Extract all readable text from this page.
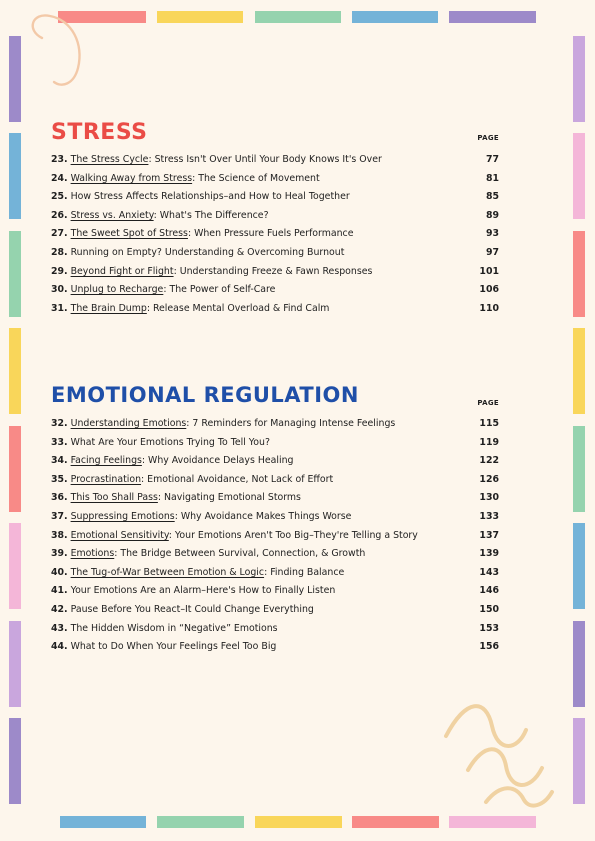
STRESS	PAGE
23. The Stress Cycle: Stress Isn't Over Until Your Body Knows It's Over	77
24. Walking Away from Stress: The Science of Movement	81
25. How Stress Affects Relationships–and How to Heal Together	85
26. Stress vs. Anxiety: What's The Difference?	89
27. The Sweet Spot of Stress: When Pressure Fuels Performance	93
28. Running on Empty? Understanding & Overcoming Burnout	97
29. Beyond Fight or Flight: Understanding Freeze & Fawn Responses	101
30. Unplug to Recharge: The Power of Self-Care	106
31. The Brain Dump: Release Mental Overload & Find Calm	110
EMOTIONAL REGULATION	PAGE
32. Understanding Emotions: 7 Reminders for Managing Intense Feelings	115
33. What Are Your Emotions Trying To Tell You?	119
34. Facing Feelings: Why Avoidance Delays Healing	122
35. Procrastination: Emotional Avoidance, Not Lack of Effort	126
36. This Too Shall Pass: Navigating Emotional Storms	130
37. Suppressing Emotions: Why Avoidance Makes Things Worse	133
38. Emotional Sensitivity: Your Emotions Aren't Too Big–They're Telling a Story	137
39. Emotions: The Bridge Between Survival, Connection, & Growth	139
40. The Tug-of-War Between Emotion & Logic: Finding Balance	143
41. Your Emotions Are an Alarm–Here's How to Finally Listen	146
42. Pause Before You React–It Could Change Everything	150
43. The Hidden Wisdom in “Negative” Emotions	153
44. What to Do When Your Feelings Feel Too Big	156
